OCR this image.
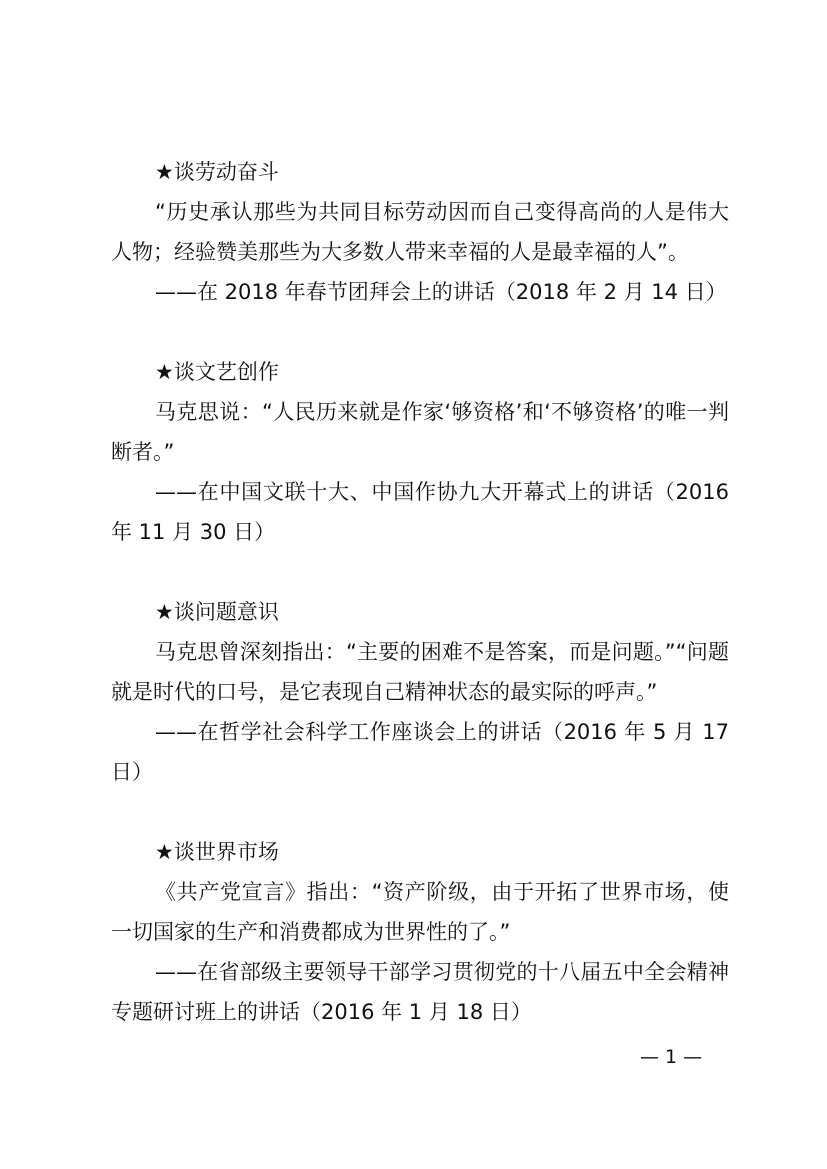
★谈劳动奋斗

“历史承认那些为共同目标劳动因而自己变得高尚的人是伟大人物；经验赞美那些为大多数人带来幸福的人是最幸福的人”。

——在 2018 年春节团拜会上的讲话（2018 年 2 月 14 日）

★谈文艺创作

马克思说：“人民历来就是作家‘够资格’和‘不够资格’的唯一判断者。”

——在中国文联十大、中国作协九大开幕式上的讲话（2016 年 11 月 30 日）

★谈问题意识

马克思曾深刻指出：“主要的困难不是答案，而是问题。”“问题就是时代的口号，是它表现自己精神状态的最实际的呼声。”

——在哲学社会科学工作座谈会上的讲话（2016 年 5 月 17 日）

★谈世界市场

《共产党宣言》指出：“资产阶级，由于开拓了世界市场，使一切国家的生产和消费都成为世界性的了。”

——在省部级主要领导干部学习贯彻党的十八届五中全会精神专题研讨班上的讲话（2016 年 1 月 18 日）

— 1 —
